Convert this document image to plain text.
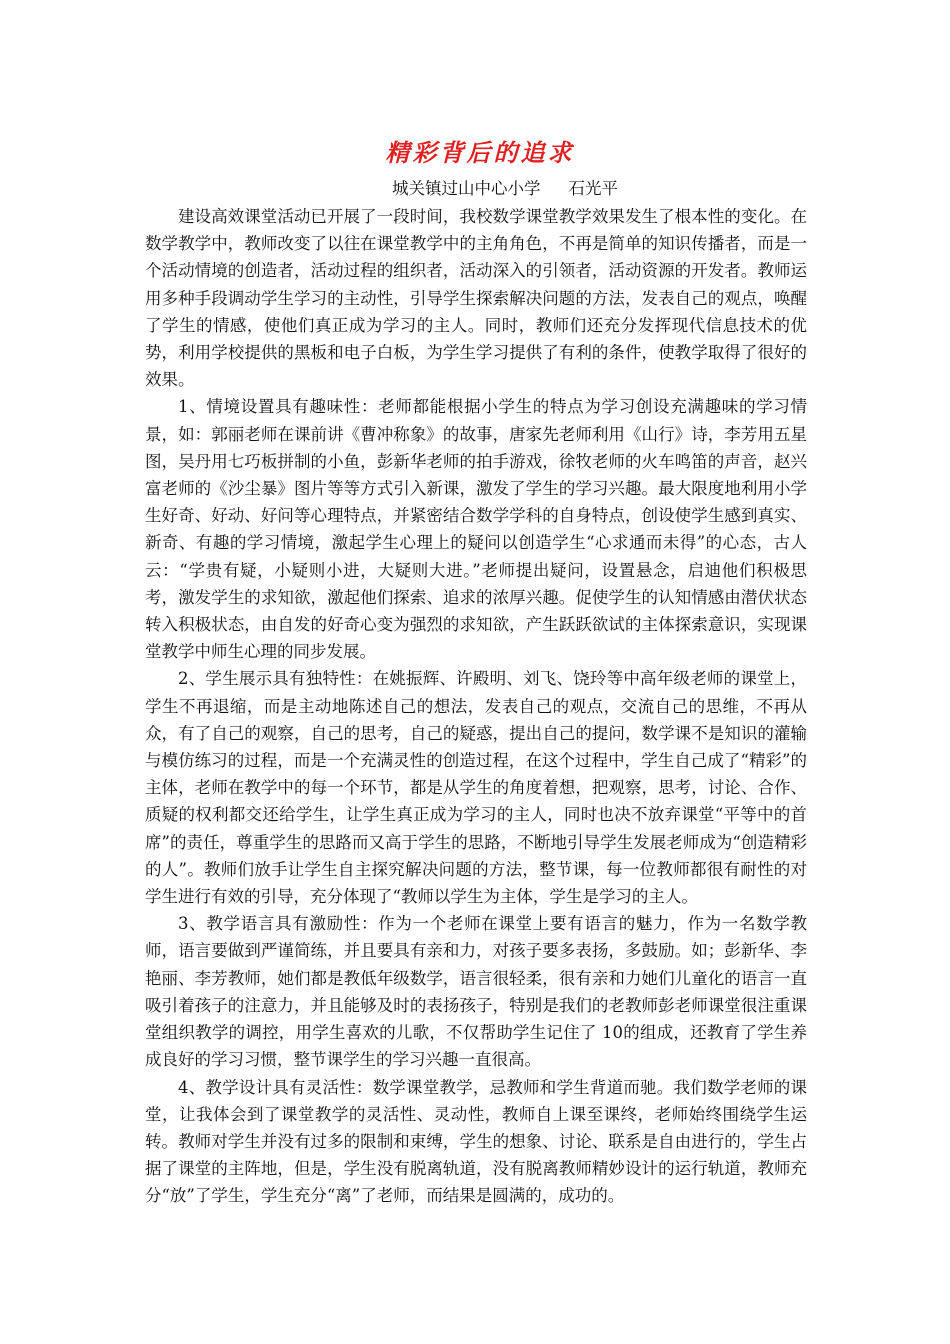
精彩背后的追求
城关镇过山中心小学 石光平

建设高效课堂活动已开展了一段时间，我校数学课堂教学效果发生了根本性的变化。在数学教学中，教师改变了以往在课堂教学中的主角角色，不再是简单的知识传播者，而是一个活动情境的创造者，活动过程的组织者，活动深入的引领者，活动资源的开发者。教师运用多种手段调动学生学习的主动性，引导学生探索解决问题的方法，发表自己的观点，唤醒了学生的情感，使他们真正成为学习的主人。同时，教师们还充分发挥现代信息技术的优势，利用学校提供的黑板和电子白板，为学生学习提供了有利的条件，使教学取得了很好的效果。

1、情境设置具有趣味性：老师都能根据小学生的特点为学习创设充满趣味的学习情景，如：郭丽老师在课前讲《曹冲称象》的故事，唐家先老师利用《山行》诗，李芳用五星图，吴丹用七巧板拼制的小鱼，彭新华老师的拍手游戏，徐牧老师的火车鸣笛的声音，赵兴富老师的《沙尘暴》图片等等方式引入新课，激发了学生的学习兴趣。最大限度地利用小学生好奇、好动、好问等心理特点，并紧密结合数学学科的自身特点，创设使学生感到真实、新奇、有趣的学习情境，激起学生心理上的疑问以创造学生“心求通而未得”的心态，古人云：“学贵有疑，小疑则小进，大疑则大进。”老师提出疑问，设置悬念，启迪他们积极思考，激发学生的求知欲，激起他们探索、追求的浓厚兴趣。促使学生的认知情感由潜伏状态转入积极状态，由自发的好奇心变为强烈的求知欲，产生跃跃欲试的主体探索意识，实现课堂教学中师生心理的同步发展。

2、学生展示具有独特性：在姚振辉、许殿明、刘飞、饶玲等中高年级老师的课堂上，学生不再退缩，而是主动地陈述自己的想法，发表自己的观点，交流自己的思维，不再从众，有了自己的观察，自己的思考，自己的疑惑，提出自己的提问，数学课不是知识的灌输与模仿练习的过程，而是一个充满灵性的创造过程，在这个过程中，学生自己成了“精彩”的主体，老师在教学中的每一个环节，都是从学生的角度着想，把观察，思考，讨论、合作、质疑的权利都交还给学生，让学生真正成为学习的主人，同时也决不放弃课堂“平等中的首席”的责任，尊重学生的思路而又高于学生的思路，不断地引导学生发展老师成为“创造精彩的人”。教师们放手让学生自主探究解决问题的方法，整节课，每一位教师都很有耐性的对学生进行有效的引导，充分体现了“教师以学生为主体，学生是学习的主人。

3、教学语言具有激励性：作为一个老师在课堂上要有语言的魅力，作为一名数学教师，语言要做到严谨简练，并且要具有亲和力，对孩子要多表扬，多鼓励。如；彭新华、李艳丽、李芳教师，她们都是教低年级数学，语言很轻柔，很有亲和力她们儿童化的语言一直吸引着孩子的注意力，并且能够及时的表扬孩子，特别是我们的老教师彭老师课堂很注重课堂组织教学的调控，用学生喜欢的儿歌，不仅帮助学生记住了 10的组成，还教育了学生养成良好的学习习惯，整节课学生的学习兴趣一直很高。

4、教学设计具有灵活性：数学课堂教学，忌教师和学生背道而驰。我们数学老师的课堂，让我体会到了课堂教学的灵活性、灵动性，教师自上课至课终，老师始终围绕学生运转。教师对学生并没有过多的限制和束缚，学生的想象、讨论、联系是自由进行的，学生占据了课堂的主阵地，但是，学生没有脱离轨道，没有脱离教师精妙设计的运行轨道，教师充分“放”了学生，学生充分“离”了老师，而结果是圆满的，成功的。
